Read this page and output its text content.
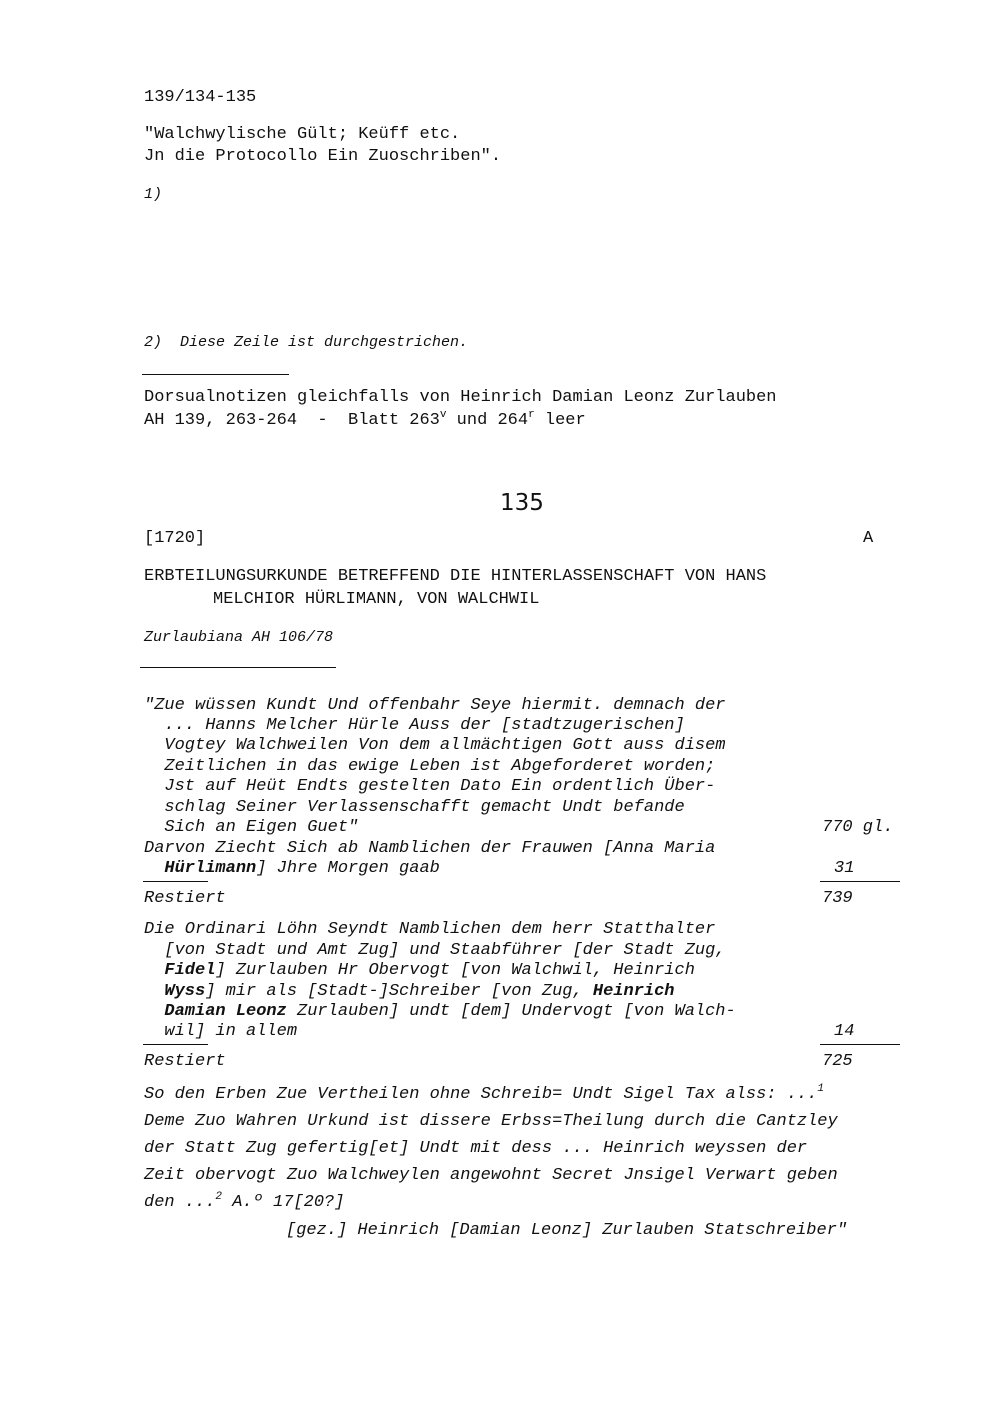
139/134-135

"Walchwylische Gült; Keüff etc.

Jn die Protocollo Ein Zuoschriben".

1)

2)  Diese Zeile ist durchgestrichen.

Dorsualnotizen gleichfalls von Heinrich Damian Leonz Zurlauben

AH 139, 263-264  -  Blatt 263$^v$ und 264$^r$ leer

135

[1720]	A

ERBTEILUNGSURKUNDE BETREFFEND DIE HINTERLASSENSCHAFT VON HANS

MELCHIOR HÜRLIMANN, VON WALCHWIL

Zurlaubiana AH 106/78

"Zue wüssen Kundt Und offenbahr Seye hiermit. demnach der
... Hanns Melcher Hürle Auss der [stadtzugerischen]
Vogtey Walchweilen Von dem allmächtigen Gott auss disem
Zeitlichen in das ewige Leben ist Abgeforderet worden;
Jst auf Heüt Endts gestelten Dato Ein ordentlich Über-
schlag Seiner Verlassenschafft gemacht Undt befande
Sich an Eigen Guet"	770 gl.
Darvon Ziecht Sich ab Namblichen der Frauwen [Anna Maria
Hürlimann] Jhre Morgen gaab	31
Restiert	739
Die Ordinari Löhn Seyndt Namblichen dem herr Statthalter
[von Stadt und Amt Zug] und Staabführer [der Stadt Zug,
Fidel] Zurlauben Hr Obervogt [von Walchwil, Heinrich
Wyss] mir als [Stadt-]Schreiber [von Zug, Heinrich
Damian Leonz Zurlauben] undt [dem] Undervogt [von Walch-
wil] in allem	14
Restiert	725
So den Erben Zue Vertheilen ohne Schreib= Undt Sigel Tax alss: ...$^1$
Deme Zuo Wahren Urkund ist dissere Erbss=Theilung durch die Cantzley
der Statt Zug gefertig[et] Undt mit dess ... Heinrich weyssen der
Zeit obervogt Zuo Walchweylen angewohnt Secret Jnsigel Verwart geben
den ...$^2$ A.º 17[20?]
[gez.] Heinrich [Damian Leonz] Zurlauben Statschreiber"
